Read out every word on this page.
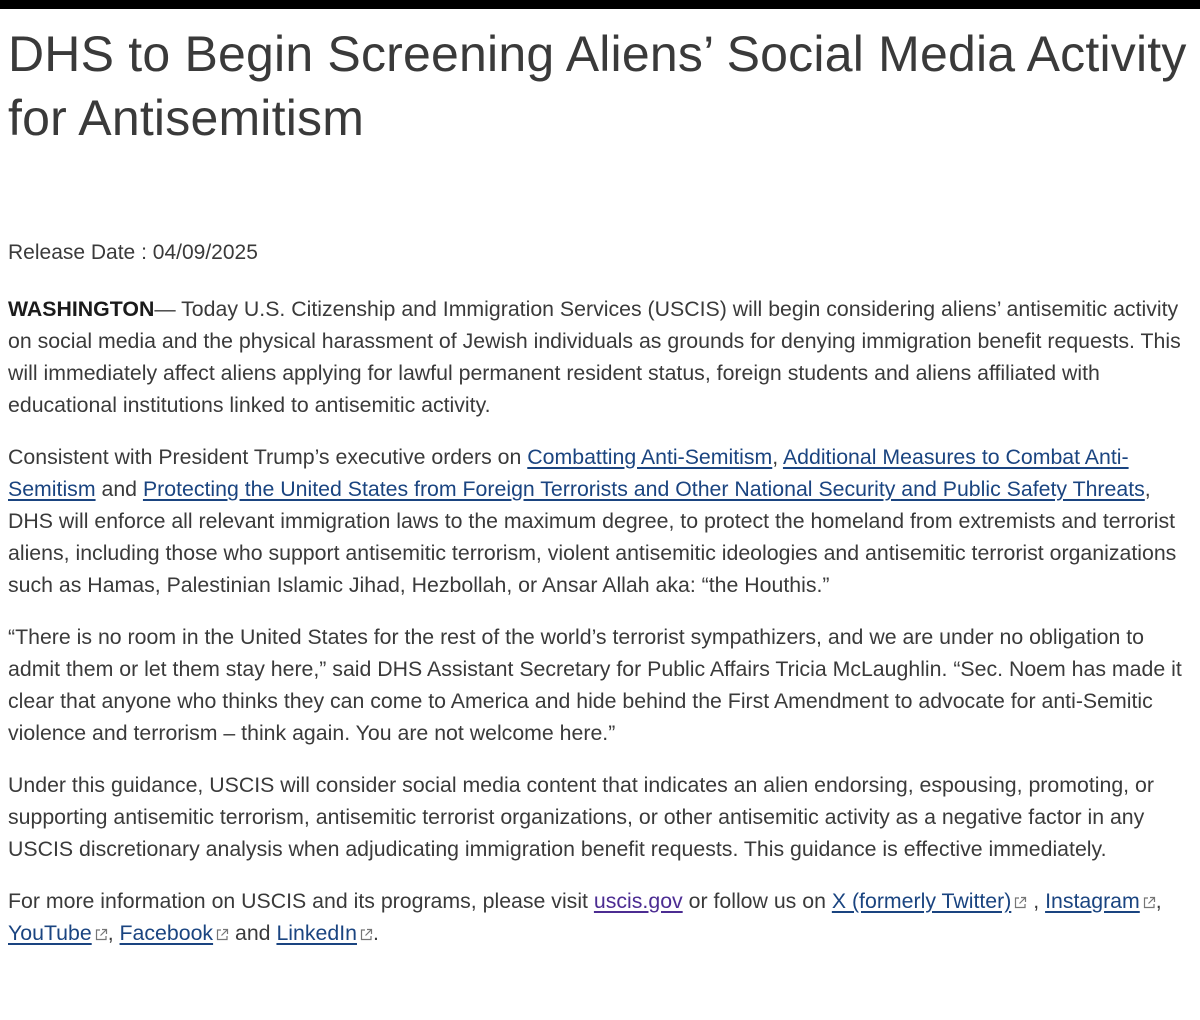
DHS to Begin Screening Aliens’ Social Media Activity for Antisemitism
Release Date : 04/09/2025

WASHINGTON— Today U.S. Citizenship and Immigration Services (USCIS) will begin considering aliens’ antisemitic activity on social media and the physical harassment of Jewish individuals as grounds for denying immigration benefit requests. This will immediately affect aliens applying for lawful permanent resident status, foreign students and aliens affiliated with educational institutions linked to antisemitic activity.

Consistent with President Trump’s executive orders on Combatting Anti-Semitism, Additional Measures to Combat Anti-Semitism and Protecting the United States from Foreign Terrorists and Other National Security and Public Safety Threats, DHS will enforce all relevant immigration laws to the maximum degree, to protect the homeland from extremists and terrorist aliens, including those who support antisemitic terrorism, violent antisemitic ideologies and antisemitic terrorist organizations such as Hamas, Palestinian Islamic Jihad, Hezbollah, or Ansar Allah aka: “the Houthis.”

“There is no room in the United States for the rest of the world’s terrorist sympathizers, and we are under no obligation to admit them or let them stay here,” said DHS Assistant Secretary for Public Affairs Tricia McLaughlin. “Sec. Noem has made it clear that anyone who thinks they can come to America and hide behind the First Amendment to advocate for anti-Semitic violence and terrorism – think again. You are not welcome here.”

Under this guidance, USCIS will consider social media content that indicates an alien endorsing, espousing, promoting, or supporting antisemitic terrorism, antisemitic terrorist organizations, or other antisemitic activity as a negative factor in any USCIS discretionary analysis when adjudicating immigration benefit requests. This guidance is effective immediately.

For more information on USCIS and its programs, please visit uscis.gov or follow us on X (formerly Twitter)
, Instagram , YouTube , Facebook
and LinkedIn .
